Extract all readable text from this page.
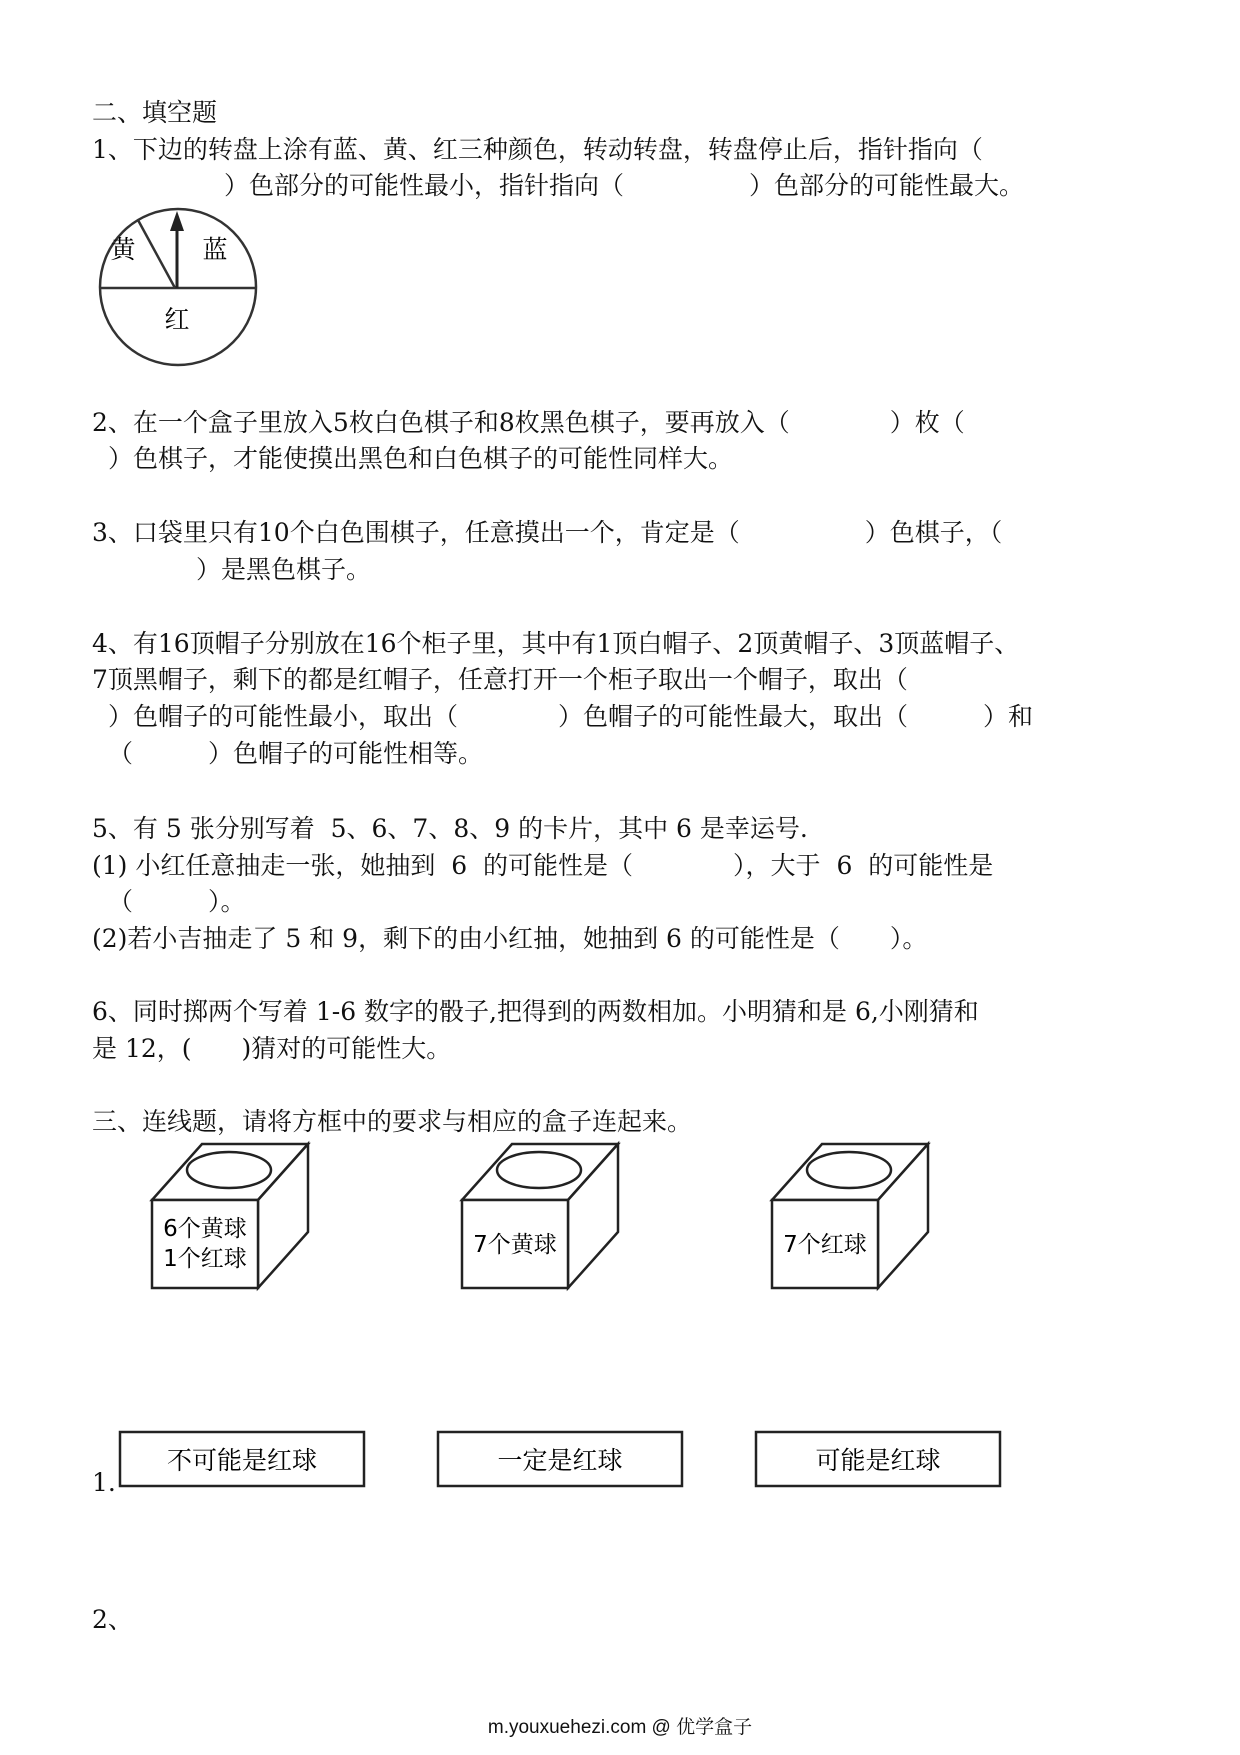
二、填空题
1、下边的转盘上涂有蓝、黄、红三种颜色，转动转盘，转盘停止后，指针指向（
）色部分的可能性最小，指针指向（　　　　　）色部分的可能性最大。
黄	蓝
红
2、在一个盒子里放入5枚白色棋子和8枚黑色棋子，要再放入（　　　　）枚（
）色棋子，才能使摸出黑色和白色棋子的可能性同样大。
3、口袋里只有10个白色围棋子，任意摸出一个，肯定是（　　　　　）色棋子，（
）是黑色棋子。
4、有16顶帽子分别放在16个柜子里，其中有1顶白帽子、2顶黄帽子、3顶蓝帽子、
7顶黑帽子，剩下的都是红帽子，任意打开一个柜子取出一个帽子，取出（
）色帽子的可能性最小，取出（　　　　）色帽子的可能性最大，取出（　　　）和
（　　　）色帽子的可能性相等。
5、有 5 张分别写着  5、6、7、8、9 的卡片，其中 6 是幸运号.
(1) 小红任意抽走一张，她抽到  6  的可能性是（　　　　），大于  6  的可能性是
（　　　）。
(2)若小吉抽走了 5 和 9，剩下的由小红抽，她抽到 6 的可能性是（　　）。
6、同时掷两个写着 1-6 数字的骰子,把得到的两数相加。小明猜和是 6,小刚猜和
是 12，(　　)猜对的可能性大。
三、连线题，请将方框中的要求与相应的盒子连起来。
6个黄球
1个红球
7个黄球	7个红球
1.
不可能是红球	一定是红球	可能是红球
2、
m.youxuehezi.com @ 优学盒子
